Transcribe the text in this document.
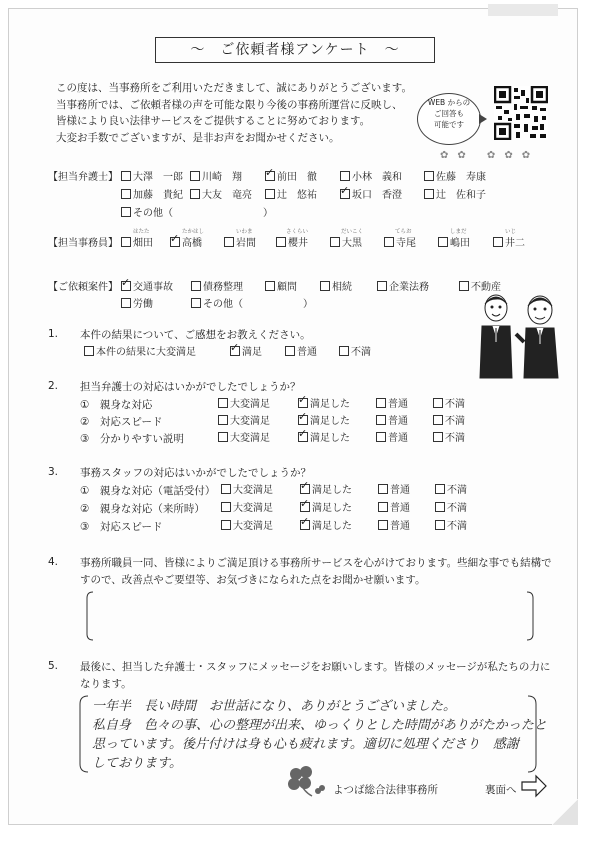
～　ご依頼者様アンケート　～
この度は、当事務所をご利用いただきまして、誠にありがとうございます。
当事務所では、ご依頼者様の声を可能な限り今後の事務所運営に反映し、
皆様により良い法律サービスをご提供することに努めております。
大変お手数でございますが、是非お声をお聞かせください。
WEB からの
ご回答も
可能です
✿✿ ✿✿✿
【担当弁護士】	大澤　一郎	川崎　翔 ✓	前田　徹	小林　義和	佐藤　寿康
加藤　貴紀	大友　竜亮	辻　悠祐 ✓	坂口　香澄	辻　佐和子
その他（　　　　　　　　　）
【担当事務員】
はたた	たかはし	いわま	さくらい	だいこく	てらお	しまだ	いじ
畑田 ✓	高橋	岩間	櫻井	大黒	寺尾	嶋田	井二
【ご依頼案件】 ✓	交通事故	債務整理	顧問	相続	企業法務	不動産
労働	その他（　　　　　　）
1. 本件の結果について、ご感想をお教えください。
本件の結果に大変満足 ✓	満足	普通	不満
2. 担当弁護士の対応はいかがでしたでしょうか？
①　親身な対応	大変満足 ✓	満足した	普通	不満
②　対応スピード	大変満足 ✓	満足した	普通	不満
③　分かりやすい説明	大変満足 ✓	満足した	普通	不満
3. 事務スタッフの対応はいかがでしたでしょうか？
①　親身な対応（電話受付）	大変満足 ✓	満足した	普通	不満
②　親身な対応（来所時）	大変満足 ✓	満足した	普通	不満
③　対応スピード	大変満足 ✓	満足した	普通	不満
4. 事務所職員一同、皆様によりご満足頂ける事務所サービスを心がけております。些細な事でも結構で
すので、改善点やご要望等、お気づきになられた点をお聞かせ願います。
5. 最後に、担当した弁護士・スタッフにメッセージをお願いします。皆様のメッセージが私たちの力に
なります。
一年半　長い時間　お世話になり、ありがとうございました。
私自身　色々の事、心の整理が出来、ゆっくりとした時間がありがたかったと
思っています。後片付けは身も心も疲れます。適切に処理くださり　感謝
しております。
よつば総合法律事務所	裏面へ
